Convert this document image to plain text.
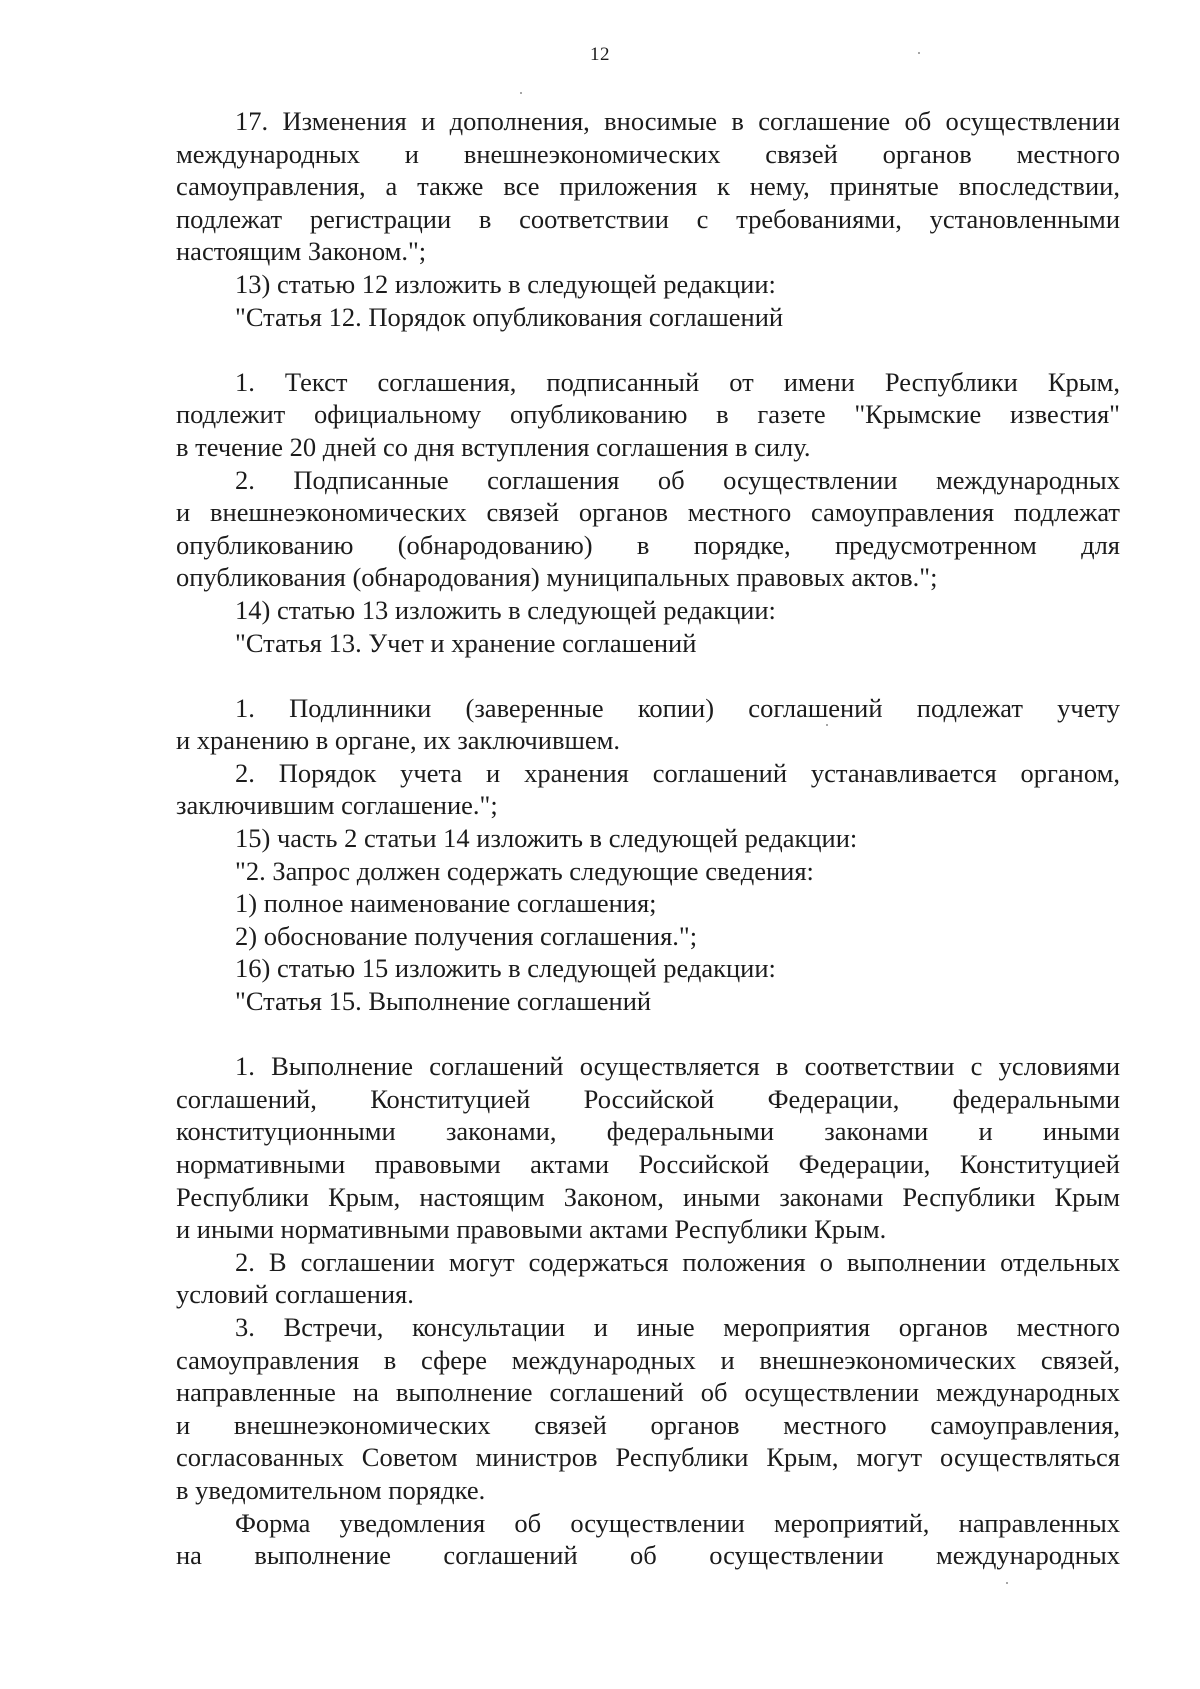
12
17. Изменения и дополнения, вносимые в соглашение об осуществлении
международных и внешнеэкономических связей органов местного
самоуправления, а также все приложения к нему, принятые впоследствии,
подлежат регистрации в соответствии с требованиями, установленными
настоящим Законом.";
13) статью 12 изложить в следующей редакции:
"Статья 12. Порядок опубликования соглашений
1. Текст соглашения, подписанный от имени Республики Крым,
подлежит официальному опубликованию в газете "Крымские известия"
в течение 20 дней со дня вступления соглашения в силу.
2. Подписанные соглашения об осуществлении международных
и внешнеэкономических связей органов местного самоуправления подлежат
опубликованию (обнародованию) в порядке, предусмотренном для
опубликования (обнародования) муниципальных правовых актов.";
14) статью 13 изложить в следующей редакции:
"Статья 13. Учет и хранение соглашений
1. Подлинники (заверенные копии) соглашений подлежат учету
и хранению в органе, их заключившем.
2. Порядок учета и хранения соглашений устанавливается органом,
заключившим соглашение.";
15) часть 2 статьи 14 изложить в следующей редакции:
"2. Запрос должен содержать следующие сведения:
1) полное наименование соглашения;
2) обоснование получения соглашения.";
16) статью 15 изложить в следующей редакции:
"Статья 15. Выполнение соглашений
1. Выполнение соглашений осуществляется в соответствии с условиями
соглашений, Конституцией Российской Федерации, федеральными
конституционными законами, федеральными законами и иными
нормативными правовыми актами Российской Федерации, Конституцией
Республики Крым, настоящим Законом, иными законами Республики Крым
и иными нормативными правовыми актами Республики Крым.
2. В соглашении могут содержаться положения о выполнении отдельных
условий соглашения.
3. Встречи, консультации и иные мероприятия органов местного
самоуправления в сфере международных и внешнеэкономических связей,
направленные на выполнение соглашений об осуществлении международных
и внешнеэкономических связей органов местного самоуправления,
согласованных Советом министров Республики Крым, могут осуществляться
в уведомительном порядке.
Форма уведомления об осуществлении мероприятий, направленных
на выполнение соглашений об осуществлении международных
